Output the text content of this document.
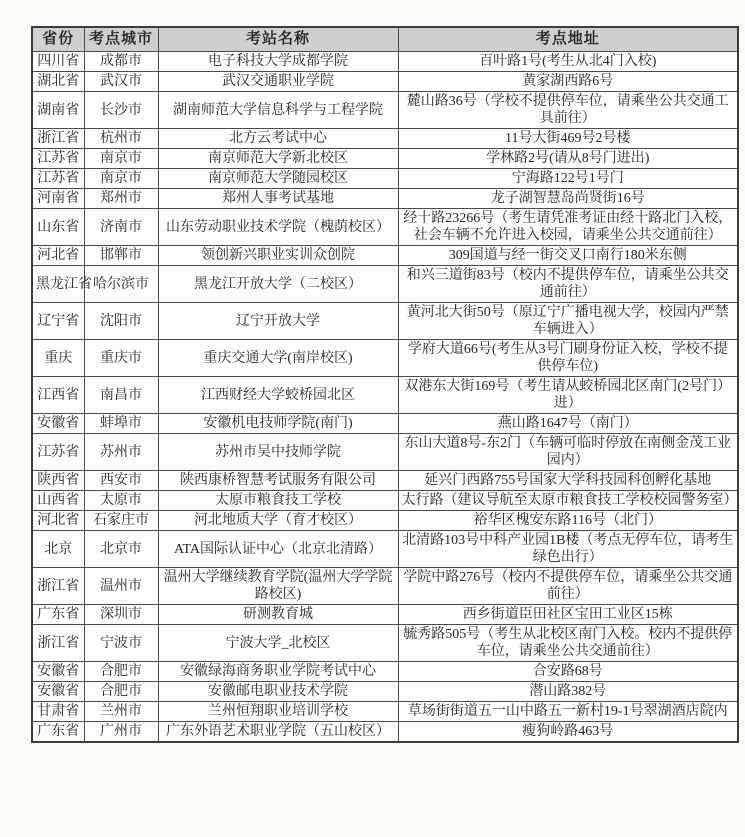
省份	考点城市	考站名称	考点地址
四川省	成都市	电子科技大学成都学院	百叶路1号(考生从北4门入校)
湖北省	武汉市	武汉交通职业学院	黄家湖西路6号
湖南省	长沙市	湖南师范大学信息科学与工程学院	麓山路36号（学校不提供停车位，请乘坐公共交通工具前往）
浙江省	杭州市	北方云考试中心	11号大街469号2号楼
江苏省	南京市	南京师范大学新北校区	学林路2号(请从8号门进出)
江苏省	南京市	南京师范大学随园校区	宁海路122号1号门
河南省	郑州市	郑州人事考试基地	龙子湖智慧岛尚贤街16号
山东省	济南市	山东劳动职业技术学院（槐荫校区）	经十路23266号（考生请凭准考证由经十路北门入校，社会车辆不允许进入校园，请乘坐公共交通前往）
河北省	邯郸市	领创新兴职业实训众创院	309国道与经一街交叉口南行180米东侧
黑龙江省	哈尔滨市	黑龙江开放大学（二校区）	和兴三道街83号（校内不提供停车位，请乘坐公共交通前往）
辽宁省	沈阳市	辽宁开放大学	黄河北大街50号（原辽宁广播电视大学，校园内严禁车辆进入）
重庆	重庆市	重庆交通大学(南岸校区)	学府大道66号(考生从3号门刷身份证入校，学校不提供停车位)
江西省	南昌市	江西财经大学蛟桥园北区	双港东大街169号（考生请从蛟桥园北区南门(2号门）进）
安徽省	蚌埠市	安徽机电技师学院(南门)	燕山路1647号（南门）
江苏省	苏州市	苏州市吴中技师学院	东山大道8号-东2门（车辆可临时停放在南侧金茂工业园内）
陕西省	西安市	陕西康桥智慧考试服务有限公司	延兴门西路755号国家大学科技园科创孵化基地
山西省	太原市	太原市粮食技工学校	太行路（建议导航至太原市粮食技工学校校园警务室）
河北省	石家庄市	河北地质大学（育才校区）	裕华区槐安东路116号（北门）
北京	北京市	ATA国际认证中心（北京北清路）	北清路103号中科产业园1B楼（考点无停车位，请考生绿色出行）
浙江省	温州市	温州大学继续教育学院(温州大学学院路校区)	学院中路276号（校内不提供停车位，请乘坐公共交通前往）
广东省	深圳市	研测教育城	西乡街道臣田社区宝田工业区15栋
浙江省	宁波市	宁波大学_北校区	毓秀路505号（考生从北校区南门入校。校内不提供停车位，请乘坐公共交通前往）
安徽省	合肥市	安徽绿海商务职业学院考试中心	合安路68号
安徽省	合肥市	安徽邮电职业技术学院	潜山路382号
甘肃省	兰州市	兰州恒翔职业培训学校	草场街街道五一山中路五一新村19-1号翠湖酒店院内
广东省	广州市	广东外语艺术职业学院（五山校区）	瘦狗岭路463号
